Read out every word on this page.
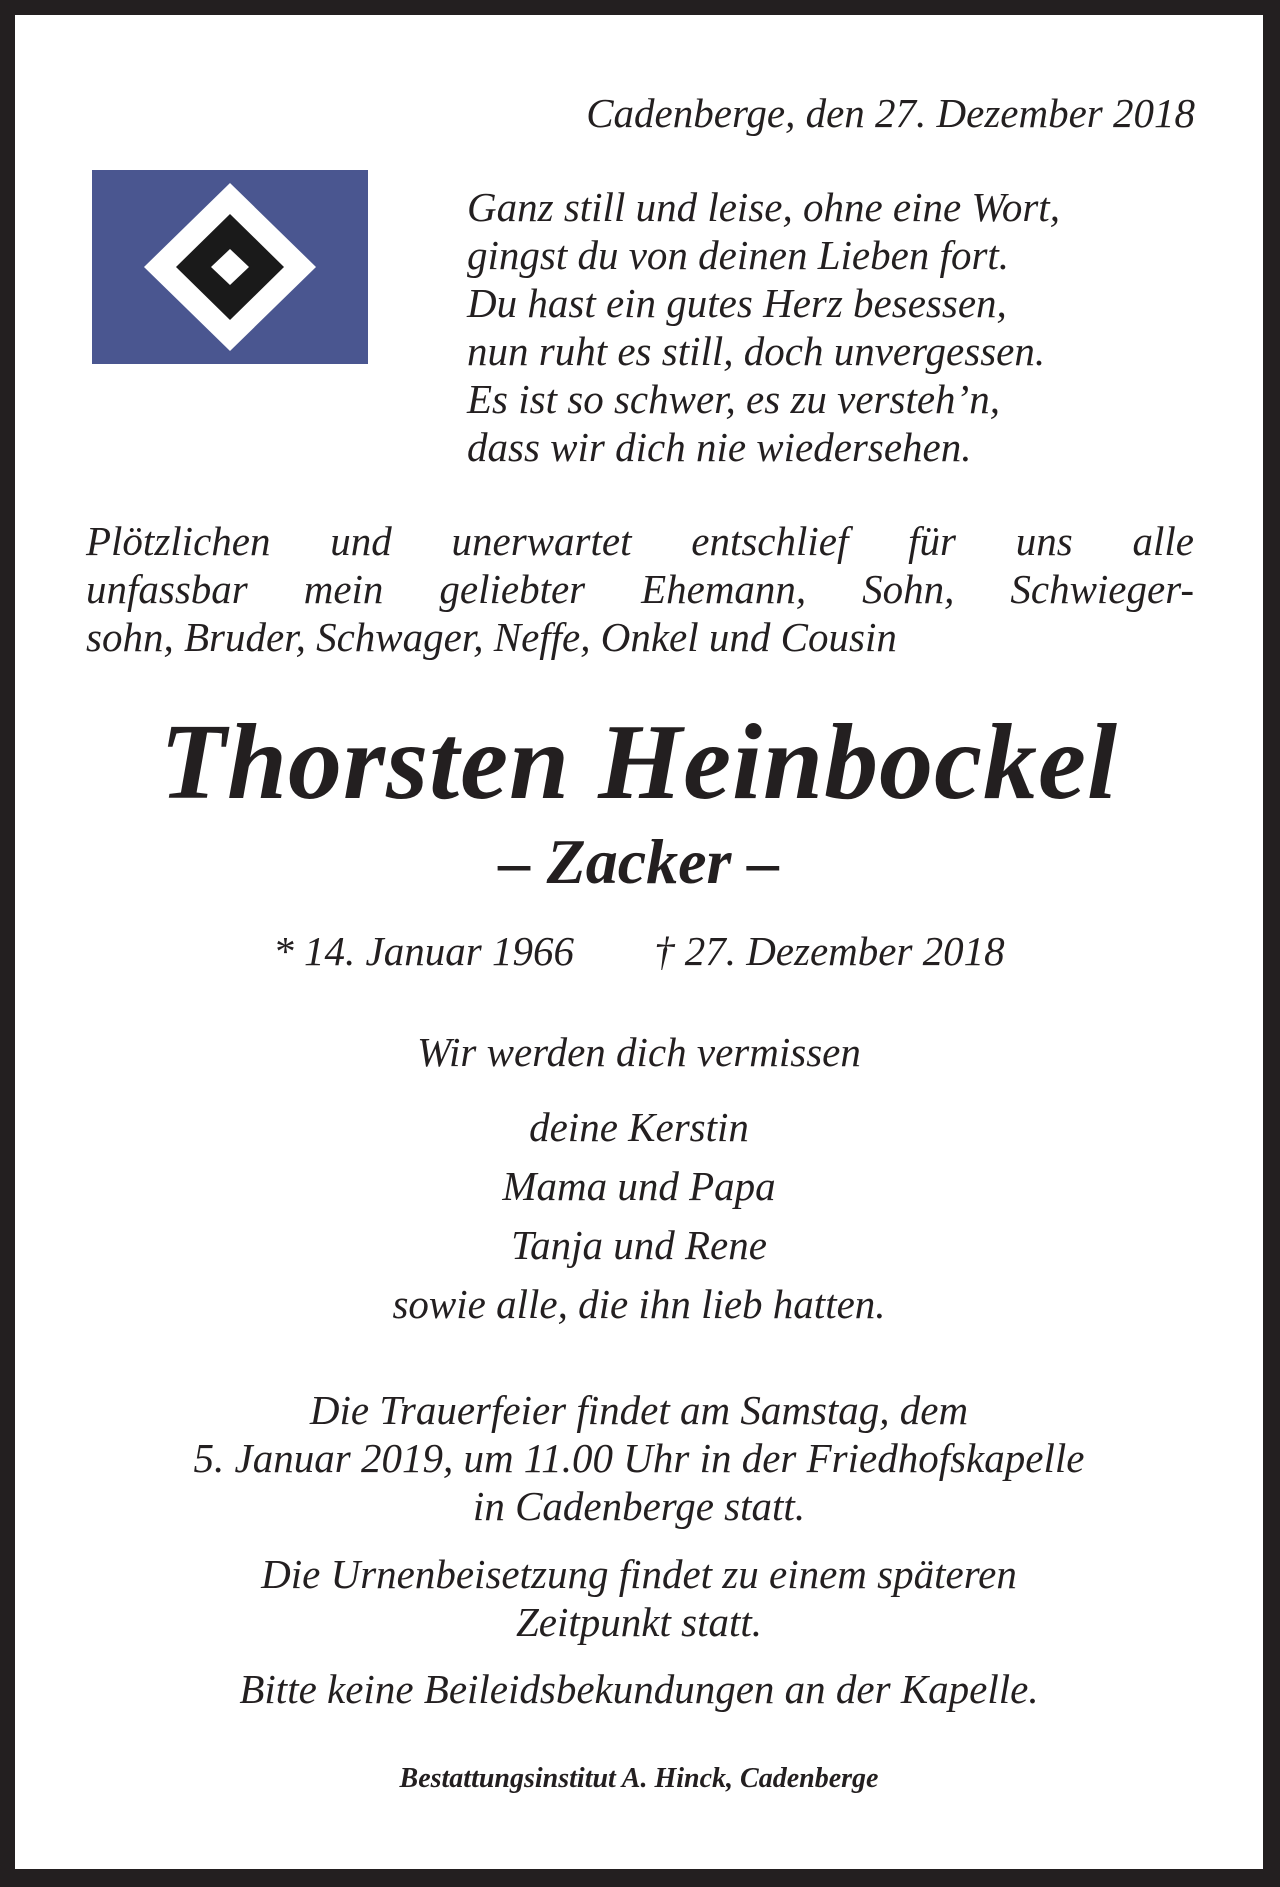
Cadenberge, den 27. Dezember 2018
Ganz still und leise, ohne eine Wort,
gingst du von deinen Lieben fort.
Du hast ein gutes Herz besessen,
nun ruht es still, doch unvergessen.
Es ist so schwer, es zu versteh’n,
dass wir dich nie wiedersehen.
Plötzlichen und unerwartet entschlief für uns alle
unfassbar mein geliebter Ehemann, Sohn, Schwieger-
sohn, Bruder, Schwager, Neffe, Onkel und Cousin
Thorsten Heinbockel
– Zacker –
* 14. Januar 1966 † 27. Dezember 2018
Wir werden dich vermissen
deine Kerstin
Mama und Papa
Tanja und Rene
sowie alle, die ihn lieb hatten.
Die Trauerfeier findet am Samstag, dem
5. Januar 2019, um 11.00 Uhr in der Friedhofskapelle
in Cadenberge statt.
Die Urnenbeisetzung findet zu einem späteren
Zeitpunkt statt.
Bitte keine Beileidsbekundungen an der Kapelle.
Bestattungsinstitut A. Hinck, Cadenberge
